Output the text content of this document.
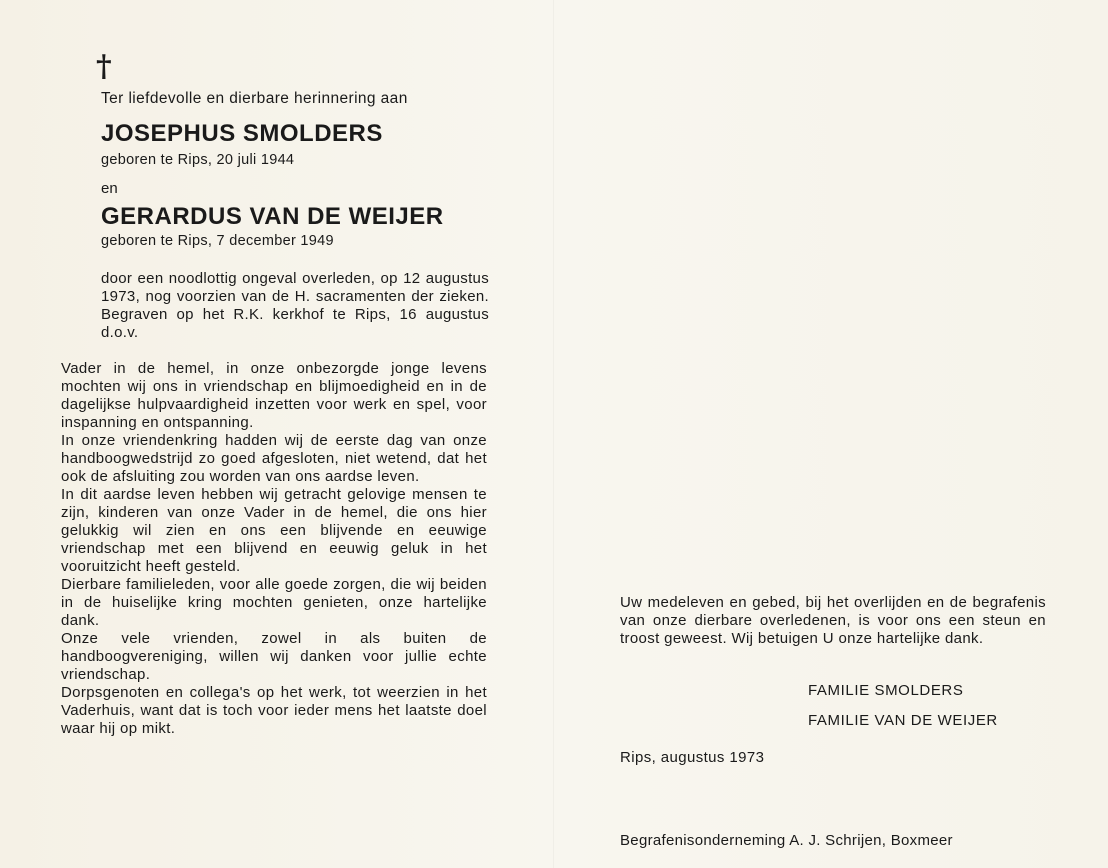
†
Ter liefdevolle en dierbare herinnering aan
JOSEPHUS SMOLDERS
geboren te Rips, 20 juli 1944
en
GERARDUS VAN DE WEIJER
geboren te Rips, 7 december 1949
door een noodlottig ongeval overleden, op 12 augustus 1973, nog voorzien van de H. sacramenten der zieken. Begraven op het R.K. kerkhof te Rips, 16 augustus d.o.v.

Vader in de hemel, in onze onbezorgde jonge levens mochten wij ons in vriendschap en blijmoedigheid en in de dagelijkse hulpvaardigheid inzetten voor werk en spel, voor inspanning en ontspanning.

In onze vriendenkring hadden wij de eerste dag van onze handboogwedstrijd zo goed afgesloten, niet wetend, dat het ook de afsluiting zou worden van ons aardse leven.

In dit aardse leven hebben wij getracht gelovige mensen te zijn, kinderen van onze Vader in de hemel, die ons hier gelukkig wil zien en ons een blijvende en eeuwige vriendschap met een blijvend en eeuwig geluk in het vooruitzicht heeft gesteld.

Dierbare familieleden, voor alle goede zorgen, die wij beiden in de huiselijke kring mochten genieten, onze hartelijke dank.

Onze vele vrienden, zowel in als buiten de handboogvereniging, willen wij danken voor jullie echte vriendschap.

Dorpsgenoten en collega's op het werk, tot weerzien in het Vaderhuis, want dat is toch voor ieder mens het laatste doel waar hij op mikt.

Uw medeleven en gebed, bij het overlijden en de begrafenis van onze dierbare overledenen, is voor ons een steun en troost geweest. Wij betuigen U onze hartelijke dank.
FAMILIE SMOLDERS
FAMILIE VAN DE WEIJER
Rips, augustus 1973
Begrafenisonderneming A. J. Schrijen, Boxmeer
